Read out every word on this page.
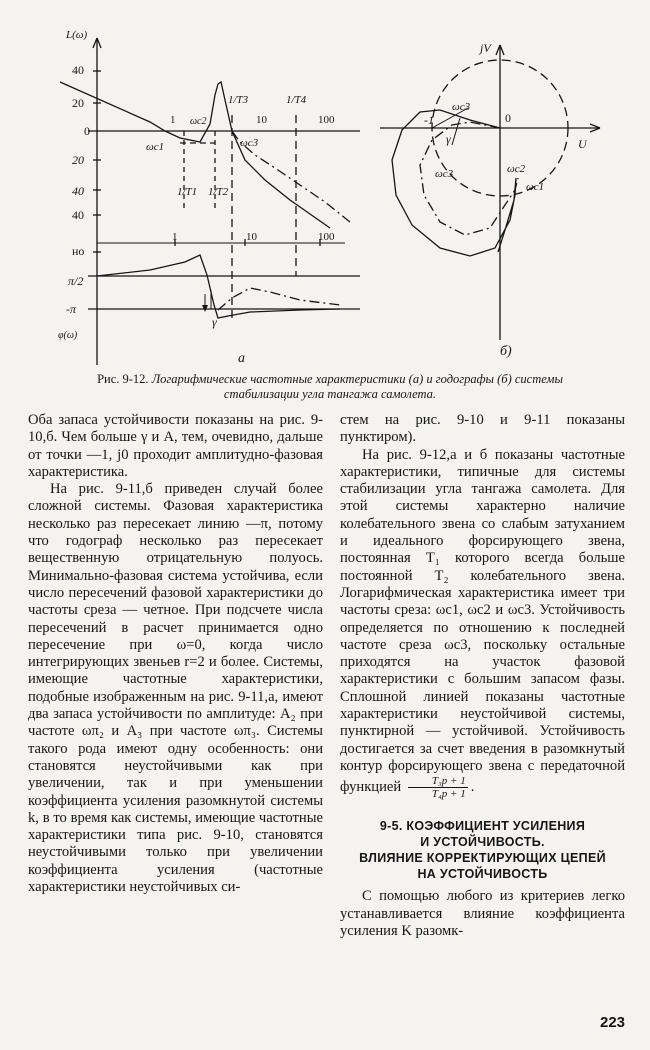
L(ω)
40
20
0
20
40
40
но
1	10	100
1	10	100
ωc1
ωc2
ωc3
1/T3	1/T4
1/T1 1/T2
π/2
-π
φ(ω)
γ
a
jV
U
-1	0
ωc3
ωc3	ωc2
ωc1
γ
б)
Рис. 9-12. Логарифмические частотные характеристики (а) и годографы (б) системы стабилизации угла тангажа самолета.

Оба запаса устойчивости показаны на рис. 9-10,б. Чем больше γ и A, тем, очевидно, дальше от точки —1, j0 проходит амплитудно-фазовая характеристика.

На рис. 9-11,б приведен случай более сложной системы. Фазовая характеристика несколько раз пересекает линию —π, потому что годограф несколько раз пересекает вещественную отрицательную полуось. Минимально-фазовая система устойчива, если число пересечений фазовой характеристики до частоты среза — четное. При подсчете числа пересечений в расчет принимается одно пересечение при ω=0, когда число интегрирующих звеньев r=2 и более. Системы, имеющие частотные характеристики, подобные изображенным на рис. 9-11,а, имеют два запаса устойчивости по амплитуде: A₂ при частоте ωπ₂ и A₃ при частоте ωπ₃. Системы такого рода имеют одну особенность: они становятся неустойчивыми как при увеличении, так и при уменьшении коэффициента усиления разомкнутой системы k, в то время как системы, имеющие частотные характеристики типа рис. 9-10, становятся неустойчивыми только при увеличении коэффициента усиления (частотные характеристики неустойчивых си-

стем на рис. 9-10 и 9-11 показаны пунктиром).

На рис. 9-12,а и б показаны частотные характеристики, типичные для системы стабилизации угла тангажа самолета. Для этой системы характерно наличие колебательного звена со слабым затуханием и идеального форсирующего звена, постоянная T₁ которого всегда больше постоянной T₂ колебательного звена. Логарифмическая характеристика имеет три частоты среза: ωc1, ωc2 и ωc3. Устойчивость определяется по отношению к последней частоте среза ωc3, поскольку остальные приходятся на участок фазовой характеристики с большим запасом фазы. Сплошной линией показаны частотные характеристики неустойчивой системы, пунктирной — устойчивой. Устойчивость достигается за счет введения в разомкнутый контур форсирующего звена с передаточной функцией $\frac{\text{T₃p + 1}}{\text{T₄p + 1}}$ .

9-5. КОЭФФИЦИЕНТ УСИЛЕНИЯ
И УСТОЙЧИВОСТЬ.
ВЛИЯНИЕ КОРРЕКТИРУЮЩИХ ЦЕПЕЙ
НА УСТОЙЧИВОСТЬ

С помощью любого из критериев легко устанавливается влияние коэффициента усиления K разомк-

223
